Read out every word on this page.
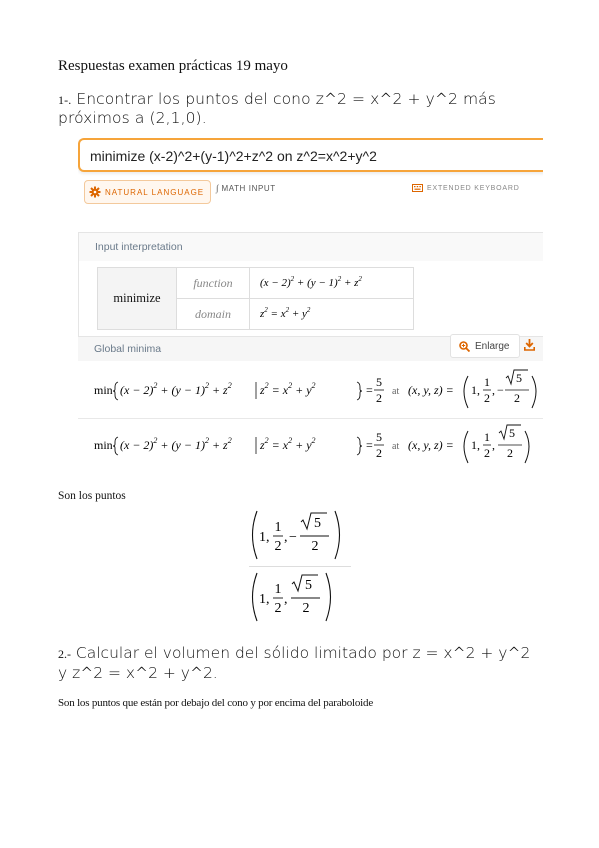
Respuestas examen prácticas 19 mayo
1-. Encontrar los puntos del cono z^2 = x^2 + y^2 más próximos a (2,1,0).
minimize (x-2)^2+(y-1)^2+z^2 on z^2=x^2+y^2
NATURAL LANGUAGE ∫ MATH INPUT	EXTENDED KEYBOARD
Input interpretation
minimize	function	$(x - 2)^2 + (y - 1)^2 + z^2$

	domain	$z^2 = x^2 + y^2$
Global minima	Enlarge
$\min (x - 2)^2 + (y - 1)^2 + z^2$ $z^2 = x^2 + y^2$	=
5
2 at (x, y, z) = 1,
1
2
, −
5
2
$\min (x - 2)^2 + (y - 1)^2 + z^2$ $z^2 = x^2 + y^2$	=
5
2 at (x, y, z) = 1,
1
2
,
5
2
Son los puntos
1,
1
2
, −
5
2
1,
1
2
,
5
2
2.- Calcular el volumen del sólido limitado por z = x^2 + y^2 y z^2 = x^2 + y^2.
Son los puntos que están por debajo del cono y por encima del paraboloide
